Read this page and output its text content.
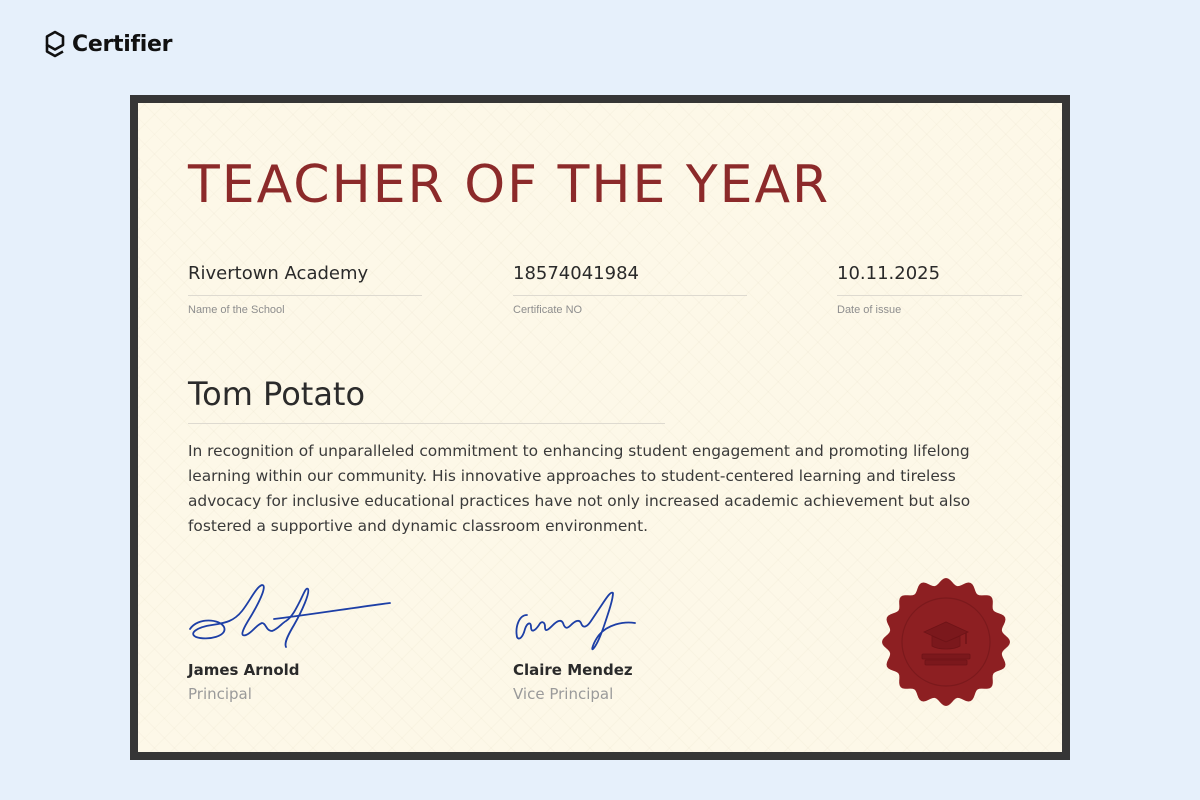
Certifier
TEACHER OF THE YEAR
Rivertown Academy
Name of the School
18574041984
Certificate NO
10.11.2025
Date of issue
Tom Potato

In recognition of unparalleled commitment to enhancing student engagement and promoting lifelong learning within our community. His innovative approaches to student-centered learning and tireless advocacy for inclusive educational practices have not only increased academic achievement but also fostered a supportive and dynamic classroom environment.

James Arnold
Principal
Claire Mendez
Vice Principal
